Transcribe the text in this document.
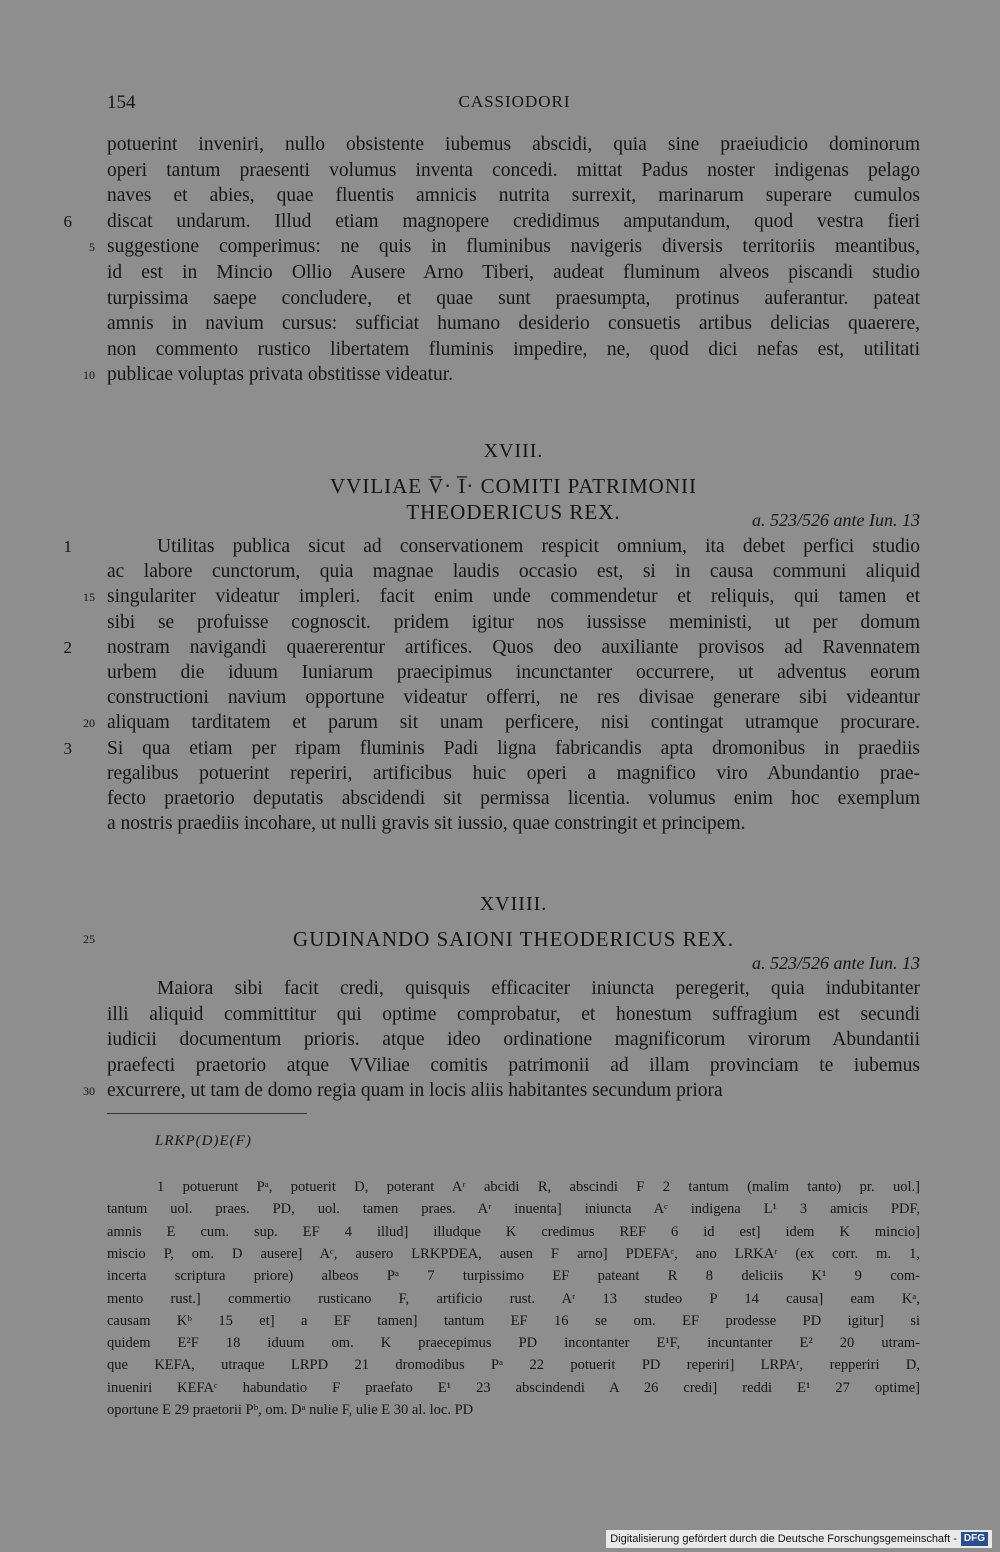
154	CASSIODORI
potuerint inveniri, nullo obsistente iubemus abscidi, quia sine praeiudicio dominorum
operi tantum praesenti volumus inventa concedi. mittat Padus noster indigenas pelago
naves et abies, quae fluentis amnicis nutrita surrexit, marinarum superare cumulos
discat undarum. Illud etiam magnopere credidimus amputandum, quod vestra fieri
6
suggestione comperimus: ne quis in fluminibus navigeris diversis territoriis meantibus,
5
id est in Mincio Ollio Ausere Arno Tiberi, audeat fluminum alveos piscandi studio
turpissima saepe concludere, et quae sunt praesumpta, protinus auferantur. pateat
amnis in navium cursus: sufficiat humano desiderio consuetis artibus delicias quaerere,
non commento rustico libertatem fluminis impedire, ne, quod dici nefas est, utilitati
publicae voluptas privata obstitisse videatur.
10
XVIII.
VVILIAE V̅· I̅· COMITI PATRIMONII
THEODERICUS REX.	a. 523/526 ante Iun. 13
Utilitas publica sicut ad conservationem respicit omnium, ita debet perfici studio
1
ac labore cunctorum, quia magnae laudis occasio est, si in causa communi aliquid
singulariter videatur impleri. facit enim unde commendetur et reliquis, qui tamen et
15
sibi se profuisse cognoscit. pridem igitur nos iussisse meministi, ut per domum
nostram navigandi quaererentur artifices. Quos deo auxiliante provisos ad Ravennatem
2
urbem die iduum Iuniarum praecipimus incunctanter occurrere, ut adventus eorum
constructioni navium opportune videatur offerri, ne res divisae generare sibi videantur
aliquam tarditatem et parum sit unam perficere, nisi contingat utramque procurare.
20
Si qua etiam per ripam fluminis Padi ligna fabricandis apta dromonibus in praediis
3
regalibus potuerint reperiri, artificibus huic operi a magnifico viro Abundantio prae-
fecto praetorio deputatis abscidendi sit permissa licentia. volumus enim hoc exemplum
a nostris praediis incohare, ut nulli gravis sit iussio, quae constringit et principem.
XVIIII.
25	GUDINANDO SAIONI THEODERICUS REX.
a. 523/526 ante Iun. 13
Maiora sibi facit credi, quisquis efficaciter iniuncta peregerit, quia indubitanter
illi aliquid committitur qui optime comprobatur, et honestum suffragium est secundi
iudicii documentum prioris. atque ideo ordinatione magnificorum virorum Abundantii
praefecti praetorio atque VViliae comitis patrimonii ad illam provinciam te iubemus
excurrere, ut tam de domo regia quam in locis aliis habitantes secundum priora
30
LRKP(D)E(F)
1 potuerunt Pᵃ, potuerit D, poterant Aʳ abcidi R, abscindi F 2 tantum (malim tanto) pr. uol.]
tantum uol. praes. PD, uol. tamen praes. Aʳ inuenta] iniuncta Aᶜ indigena L¹ 3 amicis PDF,
amnis E cum. sup. EF 4 illud] illudque K credimus REF 6 id est] idem K mincio]
miscio P, om. D ausere] Aᶜ, ausero LRKPDEA, ausen F arno] PDEFAᶜ, ano LRKAʳ (ex corr. m. 1,
incerta scriptura priore) albeos Pᵃ 7 turpissimo EF pateant R 8 deliciis K¹ 9 com-
mento rust.] commertio rusticano F, artificio rust. Aʳ 13 studeo P 14 causa] eam Kᵃ,
causam Kᵇ 15 et] a EF tamen] tantum EF 16 se om. EF prodesse PD igitur] si
quidem E²F 18 iduum om. K praecepimus PD incontanter E¹F, incuntanter E² 20 utram-
que KEFA, utraque LRPD 21 dromodibus Pᵃ 22 potuerit PD reperiri] LRPAʳ, repperiri D,
inueniri KEFAᶜ habundatio F praefato E¹ 23 abscindendi A 26 credi] reddi E¹ 27 optime]
oportune E 29 praetorii Pᵇ, om. Dᵃ nulie F, ulie E 30 al. loc. PD
Digitalisierung gefördert durch die Deutsche Forschungsgemeinschaft - DFG
